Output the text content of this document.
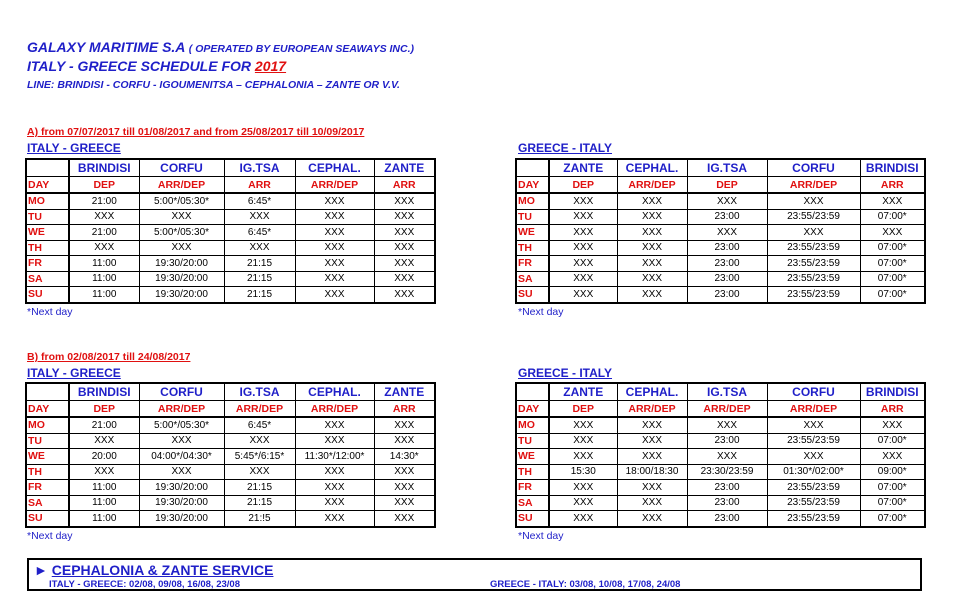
GALAXY MARITIME S.A ( OPERATED BY EUROPEAN SEAWAYS INC.)
ITALY - GREECE SCHEDULE FOR 2017
LINE: BRINDISI - CORFU - IGOUMENITSA – CEPHALONIA – ZANTE OR V.V.
A) from 07/07/2017 till 01/08/2017 and from 25/08/2017 till 10/09/2017
ITALY - GREECE	GREECE - ITALY
	BRINDISI	CORFU	IG.TSA	CEPHAL.	ZANTE
DAY	DEP	ARR/DEP	ARR	ARR/DEP	ARR
MO	21:00	5:00*/05:30*	6:45*	XXX	XXX
TU	XXX	XXX	XXX	XXX	XXX
WE	21:00	5:00*/05:30*	6:45*	XXX	XXX
TH	XXX	XXX	XXX	XXX	XXX
FR	11:00	19:30/20:00	21:15	XXX	XXX
SA	11:00	19:30/20:00	21:15	XXX	XXX
SU	11:00	19:30/20:00	21:15	XXX	XXX
	ZANTE	CEPHAL.	IG.TSA	CORFU	BRINDISI
DAY	DEP	ARR/DEP	DEP	ARR/DEP	ARR
MO	XXX	XXX	XXX	XXX	XXX
TU	XXX	XXX	23:00	23:55/23:59	07:00*
WE	XXX	XXX	XXX	XXX	XXX
TH	XXX	XXX	23:00	23:55/23:59	07:00*
FR	XXX	XXX	23:00	23:55/23:59	07:00*
SA	XXX	XXX	23:00	23:55/23:59	07:00*
SU	XXX	XXX	23:00	23:55/23:59	07:00*
*Next day	*Next day
B) from 02/08/2017 till 24/08/2017
ITALY - GREECE	GREECE - ITALY
	BRINDISI	CORFU	IG.TSA	CEPHAL.	ZANTE
DAY	DEP	ARR/DEP	ARR/DEP	ARR/DEP	ARR
MO	21:00	5:00*/05:30*	6:45*	XXX	XXX
TU	XXX	XXX	XXX	XXX	XXX
WE	20:00	04:00*/04:30*	5:45*/6:15*	11:30*/12:00*	14:30*
TH	XXX	XXX	XXX	XXX	XXX
FR	11:00	19:30/20:00	21:15	XXX	XXX
SA	11:00	19:30/20:00	21:15	XXX	XXX
SU	11:00	19:30/20:00	21:!5	XXX	XXX
	ZANTE	CEPHAL.	IG.TSA	CORFU	BRINDISI
DAY	DEP	ARR/DEP	ARR/DEP	ARR/DEP	ARR
MO	XXX	XXX	XXX	XXX	XXX
TU	XXX	XXX	23:00	23:55/23:59	07:00*
WE	XXX	XXX	XXX	XXX	XXX
TH	15:30	18:00/18:30	23:30/23:59	01:30*/02:00*	09:00*
FR	XXX	XXX	23:00	23:55/23:59	07:00*
SA	XXX	XXX	23:00	23:55/23:59	07:00*
SU	XXX	XXX	23:00	23:55/23:59	07:00*
*Next day	*Next day
► CEPHALONIA & ZANTE SERVICE
ITALY - GREECE: 02/08, 09/08, 16/08, 23/08	GREECE - ITALY: 03/08, 10/08, 17/08, 24/08
